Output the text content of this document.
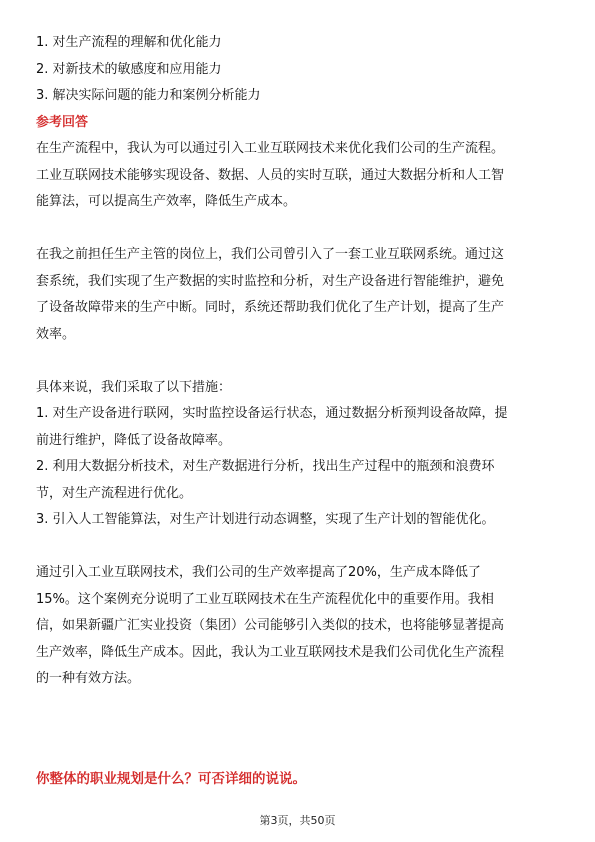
1. 对生产流程的理解和优化能力
2. 对新技术的敏感度和应用能力
3. 解决实际问题的能力和案例分析能力
参考回答
在生产流程中，我认为可以通过引入工业互联网技术来优化我们公司的生产流程。
工业互联网技术能够实现设备、数据、人员的实时互联，通过大数据分析和人工智
能算法，可以提高生产效率，降低生产成本。
在我之前担任生产主管的岗位上，我们公司曾引入了一套工业互联网系统。通过这
套系统，我们实现了生产数据的实时监控和分析，对生产设备进行智能维护，避免
了设备故障带来的生产中断。同时，系统还帮助我们优化了生产计划，提高了生产
效率。
具体来说，我们采取了以下措施：
1. 对生产设备进行联网，实时监控设备运行状态，通过数据分析预判设备故障，提
前进行维护，降低了设备故障率。
2. 利用大数据分析技术，对生产数据进行分析，找出生产过程中的瓶颈和浪费环
节，对生产流程进行优化。
3. 引入人工智能算法，对生产计划进行动态调整，实现了生产计划的智能优化。
通过引入工业互联网技术，我们公司的生产效率提高了20%，生产成本降低了
15%。这个案例充分说明了工业互联网技术在生产流程优化中的重要作用。我相
信，如果新疆广汇实业投资（集团）公司能够引入类似的技术，也将能够显著提高
生产效率，降低生产成本。因此，我认为工业互联网技术是我们公司优化生产流程
的一种有效方法。
你整体的职业规划是什么？可否详细的说说。
第3页，共50页
